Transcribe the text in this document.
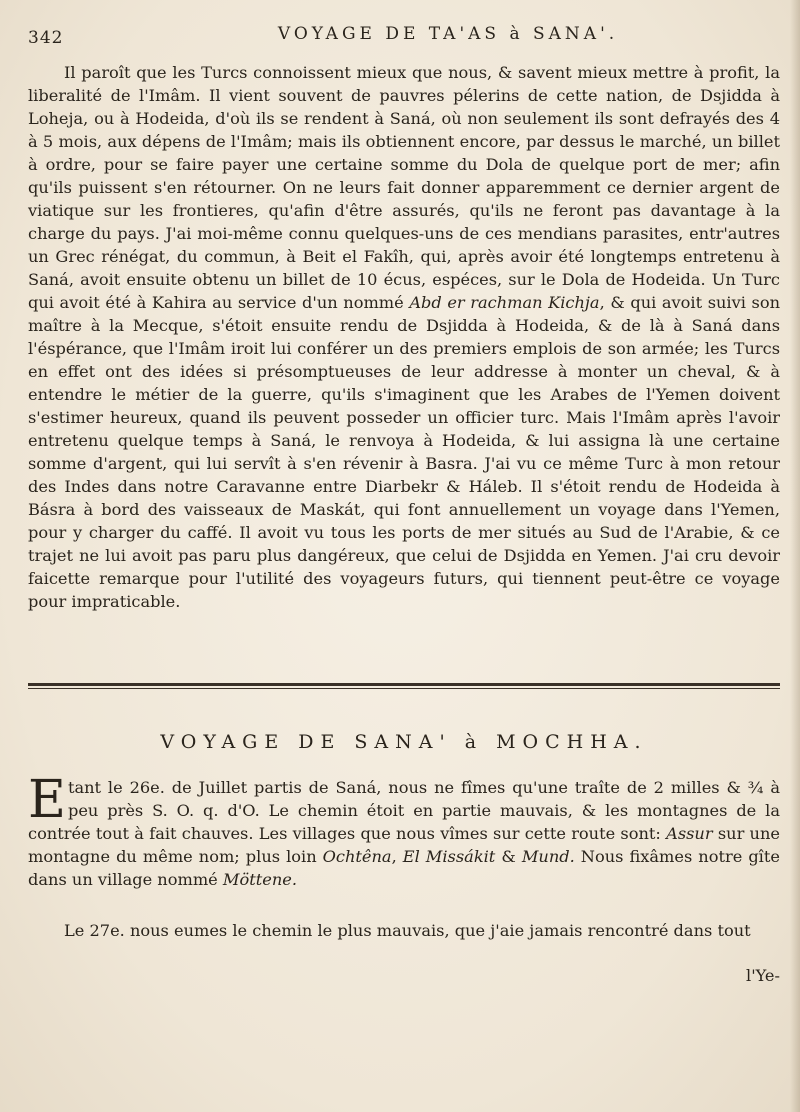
342	VOYAGE DE TA'AS à SANA'.

Il paroît que les Turcs connoissent mieux que nous, & savent mieux mettre à profit, la liberalité de l'Imâm. Il vient souvent de pauvres pélerins de cette nation, de Dsjidda à Loheja, ou à Hodeida, d'où ils se rendent à Saná, où non seulement ils sont defrayés des 4 à 5 mois, aux dépens de l'Imâm; mais ils obtiennent encore, par dessus le marché, un billet à ordre, pour se faire payer une certaine somme du Dola de quelque port de mer; afin qu'ils puissent s'en rétourner. On ne leurs fait donner apparemment ce dernier argent de viatique sur les frontieres, qu'afin d'être assurés, qu'ils ne feront pas davantage à la charge du pays. J'ai moi-même connu quelques-uns de ces mendians parasites, entr'autres un Grec rénégat, du commun, à Beit el Fakîh, qui, après avoir été longtemps entretenu à Saná, avoit ensuite obtenu un billet de 10 écus, espéces, sur le Dola de Hodeida. Un Turc qui avoit été à Kahira au service d'un nommé Abd er rachman Kichja, & qui avoit suivi son maître à la Mecque, s'étoit ensuite rendu de Dsjidda à Hodeida, & de là à Saná dans l'éspérance, que l'Imâm iroit lui conférer un des premiers emplois de son armée; les Turcs en effet ont des idées si présomptueuses de leur addresse à monter un cheval, & à entendre le métier de la guerre, qu'ils s'imaginent que les Arabes de l'Yemen doivent s'estimer heureux, quand ils peuvent posseder un officier turc. Mais l'Imâm après l'avoir entretenu quelque temps à Saná, le renvoya à Hodeida, & lui assigna là une certaine somme d'argent, qui lui servît à s'en révenir à Basra. J'ai vu ce même Turc à mon retour des Indes dans notre Caravanne entre Diarbekr & Háleb. Il s'étoit rendu de Hodeida à Básra à bord des vaisseaux de Maskát, qui font annuellement un voyage dans l'Yemen, pour y charger du caffé. Il avoit vu tous les ports de mer situés au Sud de l'Arabie, & ce trajet ne lui avoit pas paru plus dangéreux, que celui de Dsjidda en Yemen. J'ai cru devoir faicette remarque pour l'utilité des voyageurs futurs, qui tiennent peut-être ce voyage pour impraticable.

VOYAGE DE SANA' à MOCHHA.

Etant le 26e. de Juillet partis de Saná, nous ne fîmes qu'une traîte de 2 milles & ¾ à peu près S. O. q. d'O. Le chemin étoit en partie mauvais, & les montagnes de la contrée tout à fait chauves. Les villages que nous vîmes sur cette route sont: Assur sur une montagne du même nom; plus loin Ochtêna, El Missákit & Mund. Nous fixâmes notre gîte dans un village nommé Möttene.

Le 27e. nous eumes le chemin le plus mauvais, que j'aie jamais rencontré dans tout

l'Ye-
